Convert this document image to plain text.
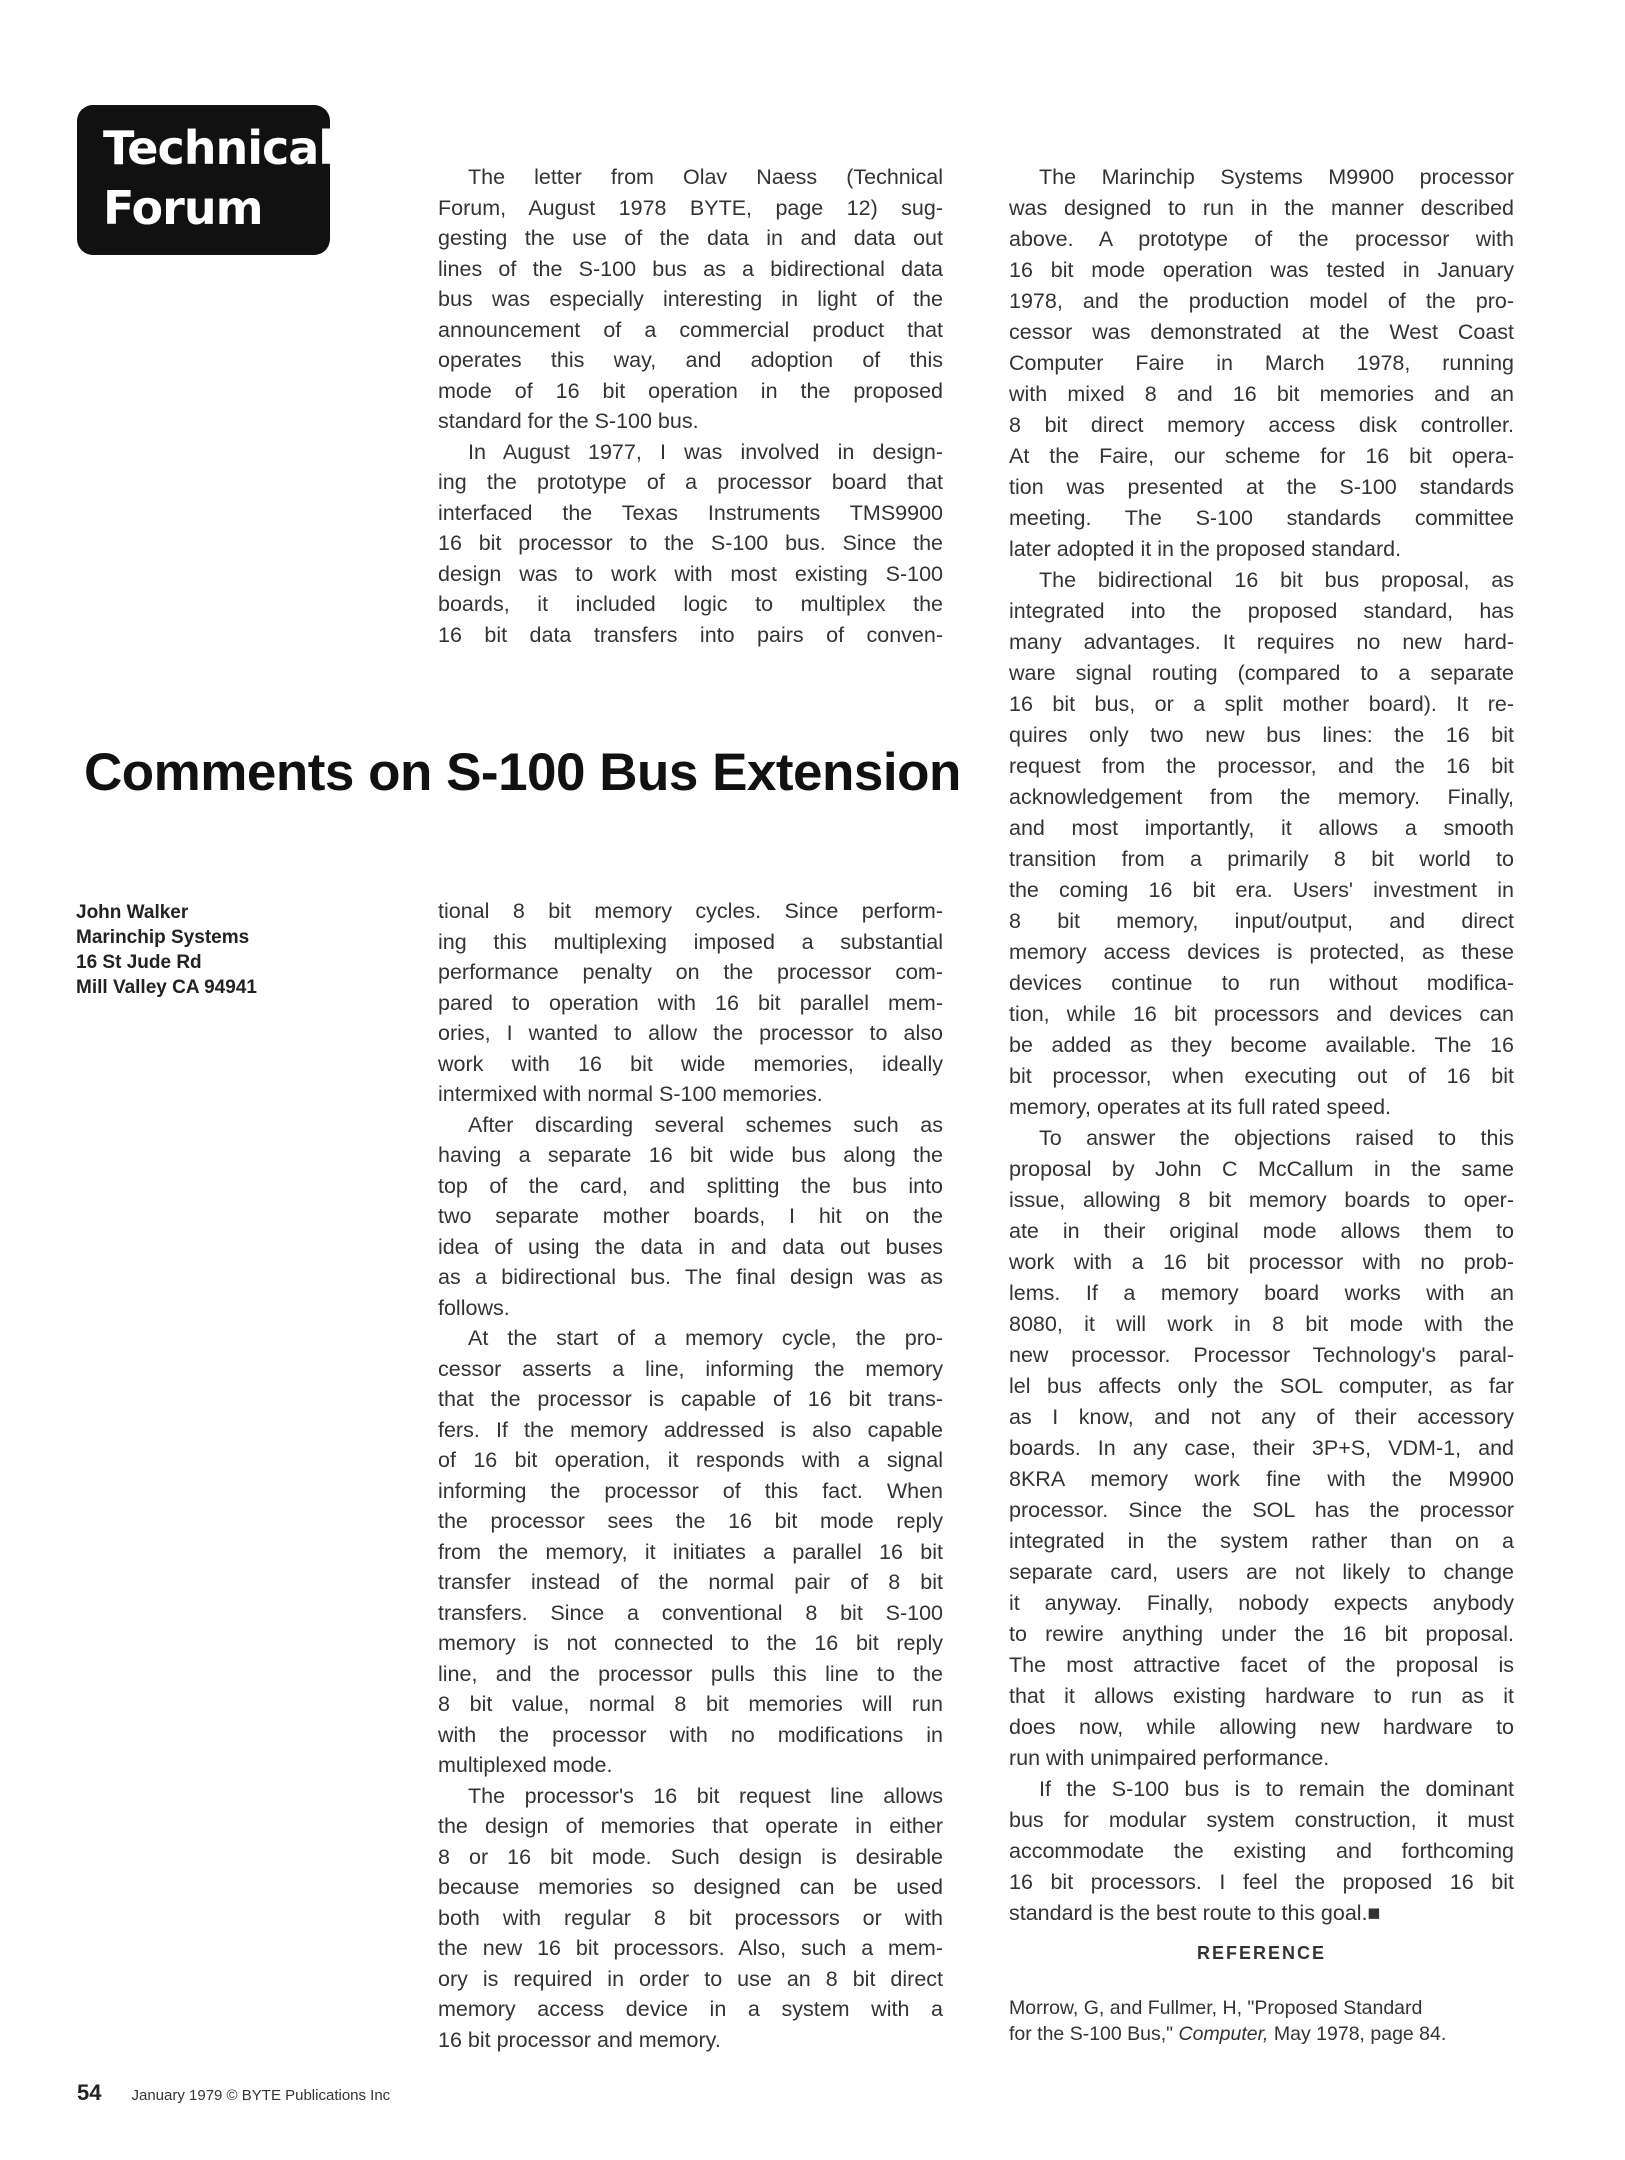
Technical
Forum
The letter from Olav Naess (Technical
Forum, August 1978 BYTE, page 12) sug-
gesting the use of the data in and data out
lines of the S-100 bus as a bidirectional data
bus was especially interesting in light of the
announcement of a commercial product that
operates this way, and adoption of this
mode of 16 bit operation in the proposed
standard for the S-100 bus.
In August 1977, I was involved in design-
ing the prototype of a processor board that
interfaced the Texas Instruments TMS9900
16 bit processor to the S-100 bus. Since the
design was to work with most existing S-100
boards, it included logic to multiplex the
16 bit data transfers into pairs of conven-
Comments on S-100 Bus Extension
John Walker
Marinchip Systems
16 St Jude Rd
Mill Valley CA 94941
tional 8 bit memory cycles. Since perform-
ing this multiplexing imposed a substantial
performance penalty on the processor com-
pared to operation with 16 bit parallel mem-
ories, I wanted to allow the processor to also
work with 16 bit wide memories, ideally
intermixed with normal S-100 memories.
After discarding several schemes such as
having a separate 16 bit wide bus along the
top of the card, and splitting the bus into
two separate mother boards, I hit on the
idea of using the data in and data out buses
as a bidirectional bus. The final design was as
follows.
At the start of a memory cycle, the pro-
cessor asserts a line, informing the memory
that the processor is capable of 16 bit trans-
fers. If the memory addressed is also capable
of 16 bit operation, it responds with a signal
informing the processor of this fact. When
the processor sees the 16 bit mode reply
from the memory, it initiates a parallel 16 bit
transfer instead of the normal pair of 8 bit
transfers. Since a conventional 8 bit S-100
memory is not connected to the 16 bit reply
line, and the processor pulls this line to the
8 bit value, normal 8 bit memories will run
with the processor with no modifications in
multiplexed mode.
The processor's 16 bit request line allows
the design of memories that operate in either
8 or 16 bit mode. Such design is desirable
because memories so designed can be used
both with regular 8 bit processors or with
the new 16 bit processors. Also, such a mem-
ory is required in order to use an 8 bit direct
memory access device in a system with a
16 bit processor and memory.
The Marinchip Systems M9900 processor
was designed to run in the manner described
above. A prototype of the processor with
16 bit mode operation was tested in January
1978, and the production model of the pro-
cessor was demonstrated at the West Coast
Computer Faire in March 1978, running
with mixed 8 and 16 bit memories and an
8 bit direct memory access disk controller.
At the Faire, our scheme for 16 bit opera-
tion was presented at the S-100 standards
meeting. The S-100 standards committee
later adopted it in the proposed standard.
The bidirectional 16 bit bus proposal, as
integrated into the proposed standard, has
many advantages. It requires no new hard-
ware signal routing (compared to a separate
16 bit bus, or a split mother board). It re-
quires only two new bus lines: the 16 bit
request from the processor, and the 16 bit
acknowledgement from the memory. Finally,
and most importantly, it allows a smooth
transition from a primarily 8 bit world to
the coming 16 bit era. Users' investment in
8 bit memory, input/output, and direct
memory access devices is protected, as these
devices continue to run without modifica-
tion, while 16 bit processors and devices can
be added as they become available. The 16
bit processor, when executing out of 16 bit
memory, operates at its full rated speed.
To answer the objections raised to this
proposal by John C McCallum in the same
issue, allowing 8 bit memory boards to oper-
ate in their original mode allows them to
work with a 16 bit processor with no prob-
lems. If a memory board works with an
8080, it will work in 8 bit mode with the
new processor. Processor Technology's paral-
lel bus affects only the SOL computer, as far
as I know, and not any of their accessory
boards. In any case, their 3P+S, VDM-1, and
8KRA memory work fine with the M9900
processor. Since the SOL has the processor
integrated in the system rather than on a
separate card, users are not likely to change
it anyway. Finally, nobody expects anybody
to rewire anything under the 16 bit proposal.
The most attractive facet of the proposal is
that it allows existing hardware to run as it
does now, while allowing new hardware to
run with unimpaired performance.
If the S-100 bus is to remain the dominant
bus for modular system construction, it must
accommodate the existing and forthcoming
16 bit processors. I feel the proposed 16 bit
standard is the best route to this goal.■
REFERENCE
Morrow, G, and Fullmer, H, "Proposed Standard
for the S-100 Bus," Computer, May 1978, page 84.
54 January 1979 © BYTE Publications Inc
